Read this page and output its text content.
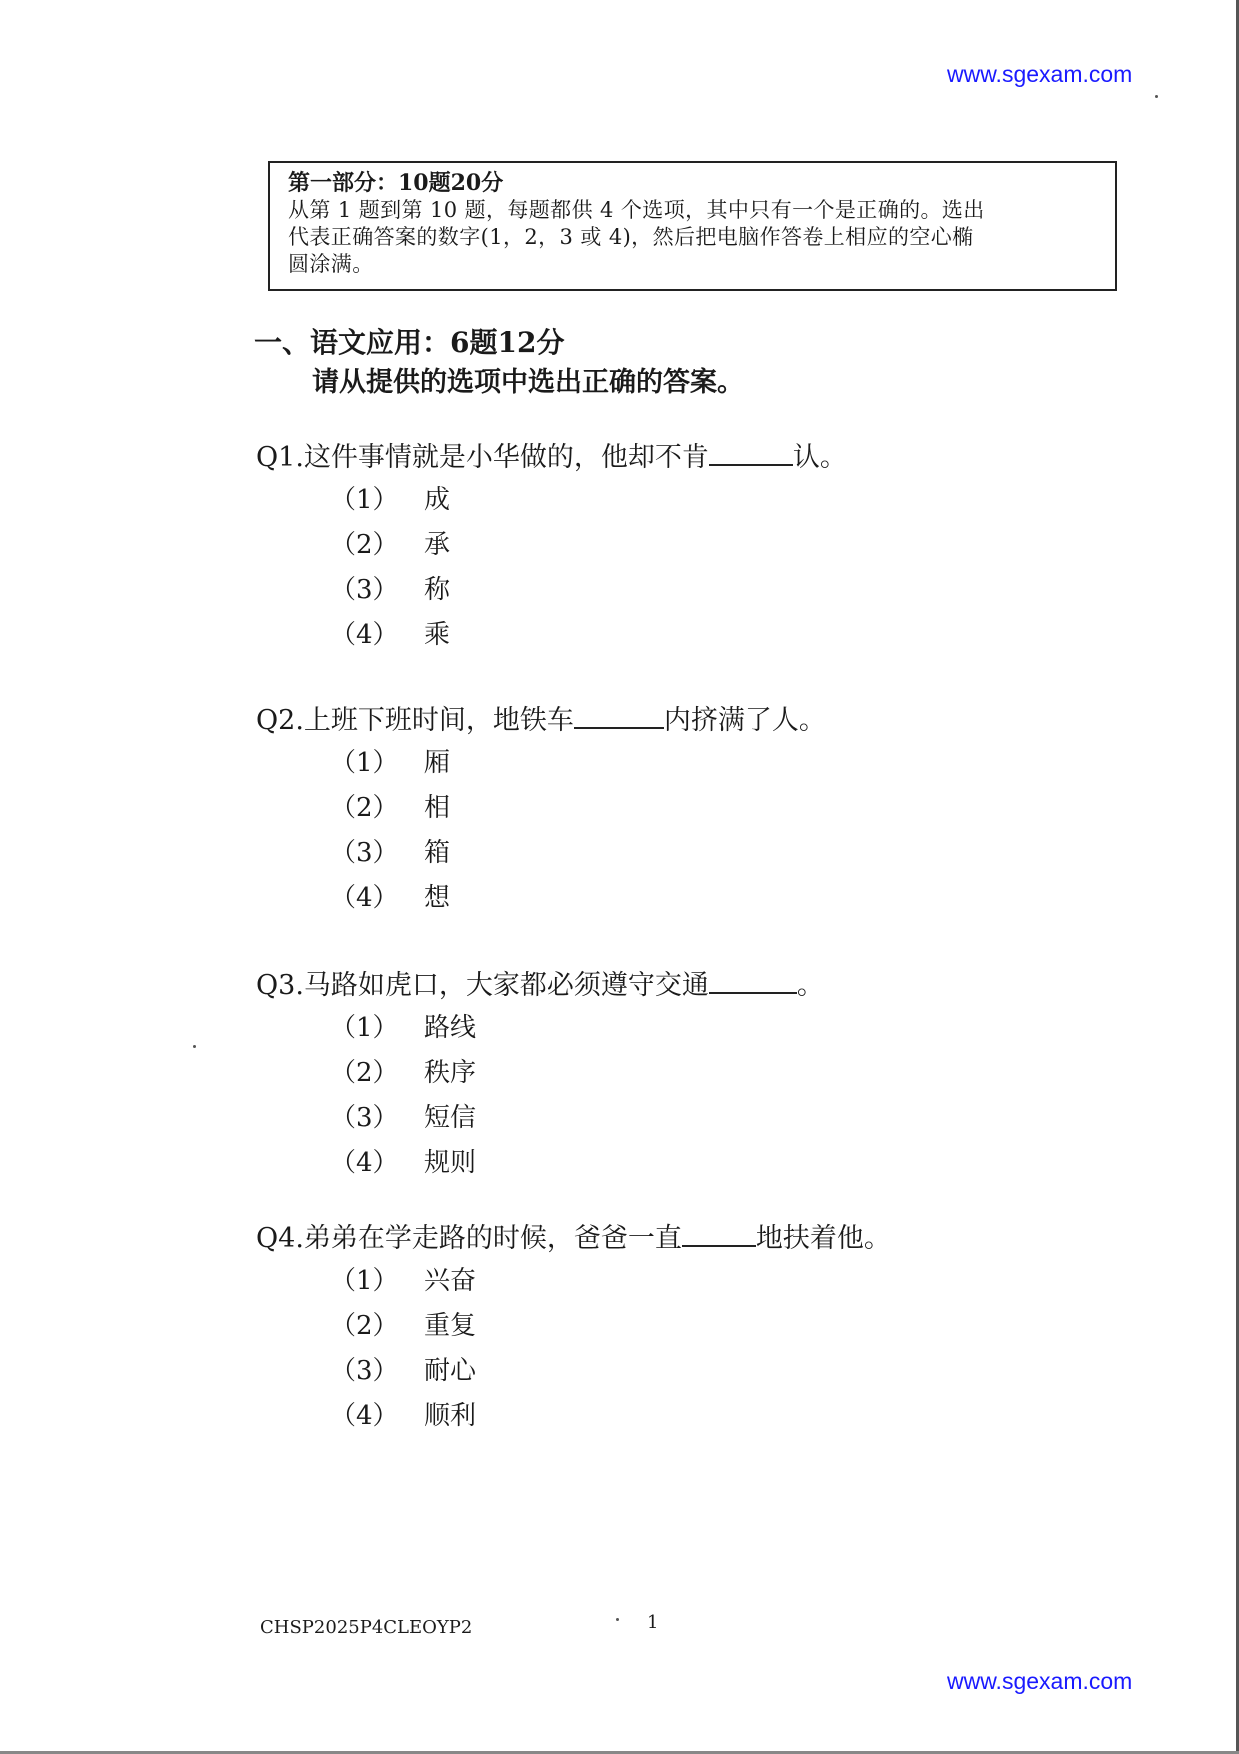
www.sgexam.com
第一部分：10题20分
从第 1 题到第 10 题，每题都供 4 个选项，其中只有一个是正确的。选出
代表正确答案的数字(1，2，3 或 4)，然后把电脑作答卷上相应的空心椭
圆涂满。
一、语文应用：6题12分
请从提供的选项中选出正确的答案。
Q1.这件事情就是小华做的，他却不肯	认。
（1） 成
（2） 承
（3） 称
（4） 乘
Q2.上班下班时间，地铁车	内挤满了人。
（1） 厢
（2） 相
（3） 箱
（4） 想
Q3.马路如虎口，大家都必须遵守交通	。
（1） 路线
（2） 秩序
（3） 短信
（4） 规则
Q4.弟弟在学走路的时候，爸爸一直	地扶着他。
（1） 兴奋
（2） 重复
（3） 耐心
（4） 顺利
CHSP2025P4CLEOYP2	1
www.sgexam.com
